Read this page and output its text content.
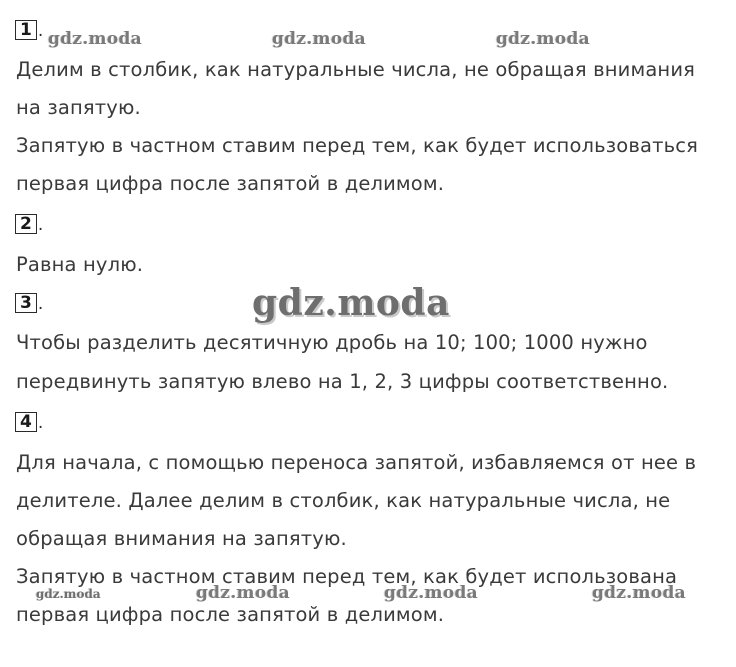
gdz.moda	gdz.moda	gdz.moda
1 .
Делим в столбик, как натуральные числа, не обращая внимания
на запятую.
Запятую в частном ставим перед тем, как будет использоваться
первая цифра после запятой в делимом.
2 .
Равна нулю.
3 .	gdz.moda
Чтобы разделить десятичную дробь на 10; 100; 1000 нужно
передвинуть запятую влево на 1, 2, 3 цифры соответственно.
4 .
Для начала, с помощью переноса запятой, избавляемся от нее в
делителе. Далее делим в столбик, как натуральные числа, не
обращая внимания на запятую.
Запятую в частном ставим перед тем, как будет использована
gdz.moda	gdz.moda	gdz.moda	gdz.moda
первая цифра после запятой в делимом.
